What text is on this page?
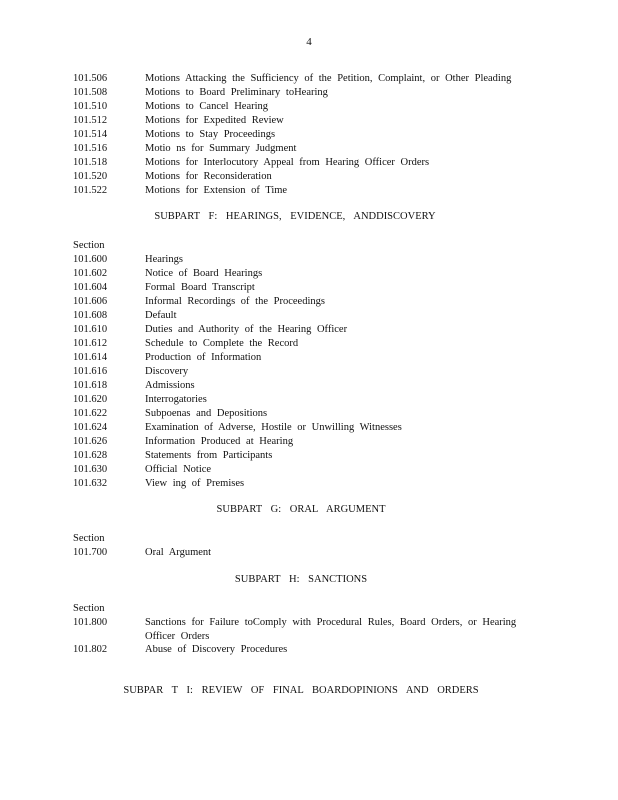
4
101.506	Motions Attacking the Sufficiency of the Petition, Complaint, or Other Pleading
101.508	Motions to Board Preliminary toHearing
101.510	Motions to Cancel Hearing
101.512	Motions for Expedited Review
101.514	Motions to Stay Proceedings
101.516	Motio ns for Summary Judgment
101.518	Motions for Interlocutory Appeal from Hearing Officer Orders
101.520	Motions for Reconsideration
101.522	Motions for Extension of Time
SUBPART F: HEARINGS, EVIDENCE, ANDDISCOVERY
Section
101.600	Hearings
101.602	Notice of Board Hearings
101.604	Formal Board Transcript
101.606	Informal Recordings of the Proceedings
101.608	Default
101.610	Duties and Authority of the Hearing Officer
101.612	Schedule to Complete the Record
101.614	Production of Information
101.616	Discovery
101.618	Admissions
101.620	Interrogatories
101.622	Subpoenas and Depositions
101.624	Examination of Adverse, Hostile or Unwilling Witnesses
101.626	Information Produced at Hearing
101.628	Statements from Participants
101.630	Official Notice
101.632	View ing of Premises
SUBPART G: ORAL ARGUMENT
Section
101.700	Oral Argument
SUBPART H: SANCTIONS
Section
101.800	Sanctions for Failure toComply with Procedural Rules, Board Orders, or Hearing Officer Orders
101.802	Abuse of Discovery Procedures
SUBPAR T I: REVIEW OF FINAL BOARDOPINIONS AND ORDERS
